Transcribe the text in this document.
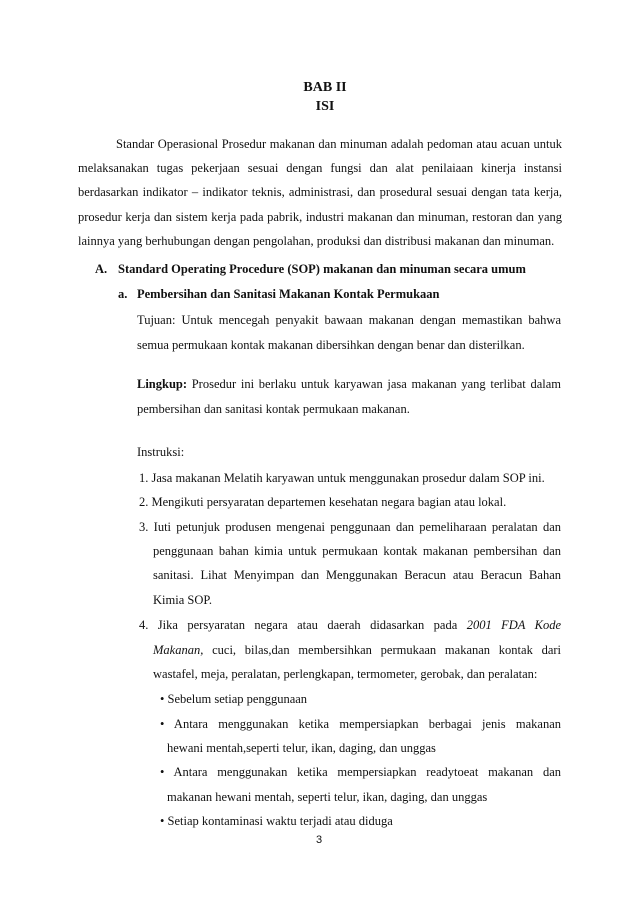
BAB II
ISI

Standar Operasional Prosedur makanan dan minuman adalah pedoman atau acuan untuk melaksanakan tugas pekerjaan sesuai dengan fungsi dan alat penilaiaan kinerja instansi berdasarkan indikator – indikator teknis, administrasi, dan prosedural sesuai dengan tata kerja, prosedur kerja dan sistem kerja pada pabrik, industri makanan dan minuman, restoran dan yang lainnya yang berhubungan dengan pengolahan, produksi dan distribusi makanan dan minuman.

A. Standard Operating Procedure (SOP) makanan dan minuman secara umum
a. Pembersihan dan Sanitasi Makanan Kontak Permukaan
Tujuan: Untuk mencegah penyakit bawaan makanan dengan memastikan bahwa
semua permukaan kontak makanan dibersihkan dengan benar dan disterilkan.
Lingkup: Prosedur ini berlaku untuk karyawan jasa makanan yang terlibat dalam
pembersihan dan sanitasi kontak permukaan makanan.
Instruksi:
1. Jasa makanan Melatih karyawan untuk menggunakan prosedur dalam SOP ini.
2. Mengikuti persyaratan departemen kesehatan negara bagian atau lokal.
3. Iuti petunjuk produsen mengenai penggunaan dan pemeliharaan peralatan dan
penggunaan bahan kimia untuk permukaan kontak makanan pembersihan dan
sanitasi. Lihat Menyimpan dan Menggunakan Beracun atau Beracun Bahan
Kimia SOP.
4. Jika persyaratan negara atau daerah didasarkan pada 2001 FDA Kode
Makanan, cuci, bilas,dan membersihkan permukaan makanan kontak dari
wastafel, meja, peralatan, perlengkapan, termometer, gerobak, dan peralatan:
• Sebelum setiap penggunaan
• Antara menggunakan ketika mempersiapkan berbagai jenis makanan
hewani mentah,seperti telur, ikan, daging, dan unggas
• Antara menggunakan ketika mempersiapkan readytoeat makanan dan
makanan hewani mentah, seperti telur, ikan, daging, dan unggas
• Setiap kontaminasi waktu terjadi atau diduga
3
